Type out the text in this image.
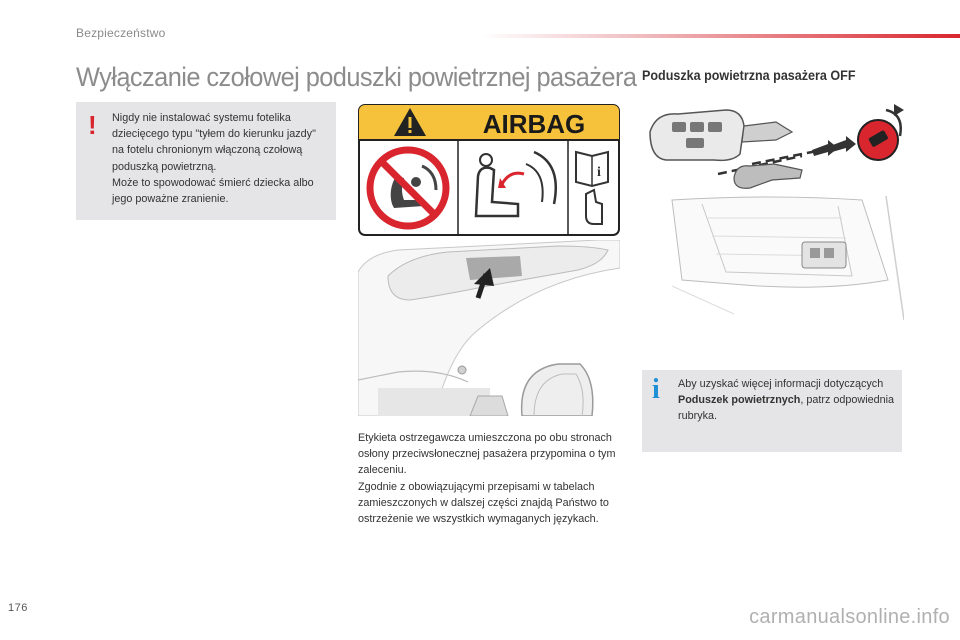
Bezpieczeństwo
Wyłączanie czołowej poduszki powietrznej pasażera Poduszka powietrzna pasażera OFF
! Nigdy nie instalować systemu fotelika dziecięcego typu "tyłem do kierunku jazdy" na fotelu chronionym włączoną czołową poduszką powietrzną.

Może to spowodować śmierć dziecka albo jego poważne zranienie.

AIRBAG
i

Etykieta ostrzegawcza umieszczona po obu stronach osłony przeciwsłonecznej pasażera przypomina o tym zaleceniu.

Zgodnie z obowiązującymi przepisami w tabelach zamieszczonych w dalszej części znajdą Państwo to ostrzeżenie we wszystkich wymaganych językach.

i Aby uzyskać więcej informacji dotyczących Poduszek powietrznych, patrz odpowiednia rubryka.
176	carmanualsonline.info
